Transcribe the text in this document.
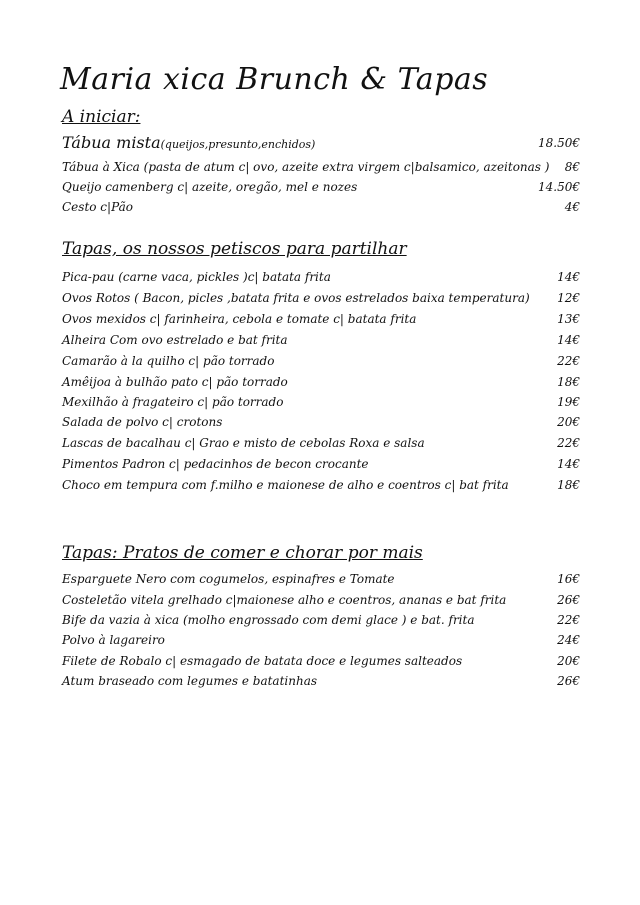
Maria xica Brunch & Tapas
A iniciar:
Tábua mista(queijos,presunto,enchidos)	18.50€
Tábua à Xica (pasta de atum c| ovo, azeite extra virgem c|balsamico, azeitonas ) 8€
Queijo camenberg c| azeite, oregão, mel e nozes	14.50€
Cesto c|Pão	4€
Tapas, os nossos petiscos para partilhar
Pica-pau (carne vaca, pickles )c| batata frita	14€
Ovos Rotos ( Bacon, picles ,batata frita e ovos estrelados baixa temperatura) 12€
Ovos mexidos c| farinheira, cebola e tomate c| batata frita	13€
Alheira Com ovo estrelado e bat frita	14€
Camarão à la quilho c| pão torrado	22€
Amêijoa à bulhão pato c| pão torrado	18€
Mexilhão à fragateiro c| pão torrado	19€
Salada de polvo c| crotons	20€
Lascas de bacalhau c| Grao e misto de cebolas Roxa e salsa	22€
Pimentos Padron c| pedacinhos de becon crocante	14€
Choco em tempura com f.milho e maionese de alho e coentros c| bat frita	18€
Tapas: Pratos de comer e chorar por mais
Esparguete Nero com cogumelos, espinafres e Tomate	16€
Costeletão vitela grelhado c|maionese alho e coentros, ananas e bat frita	26€
Bife da vazia à xica (molho engrossado com demi glace ) e bat. frita	22€
Polvo à lagareiro	24€
Filete de Robalo c| esmagado de batata doce e legumes salteados	20€
Atum braseado com legumes e batatinhas	26€
